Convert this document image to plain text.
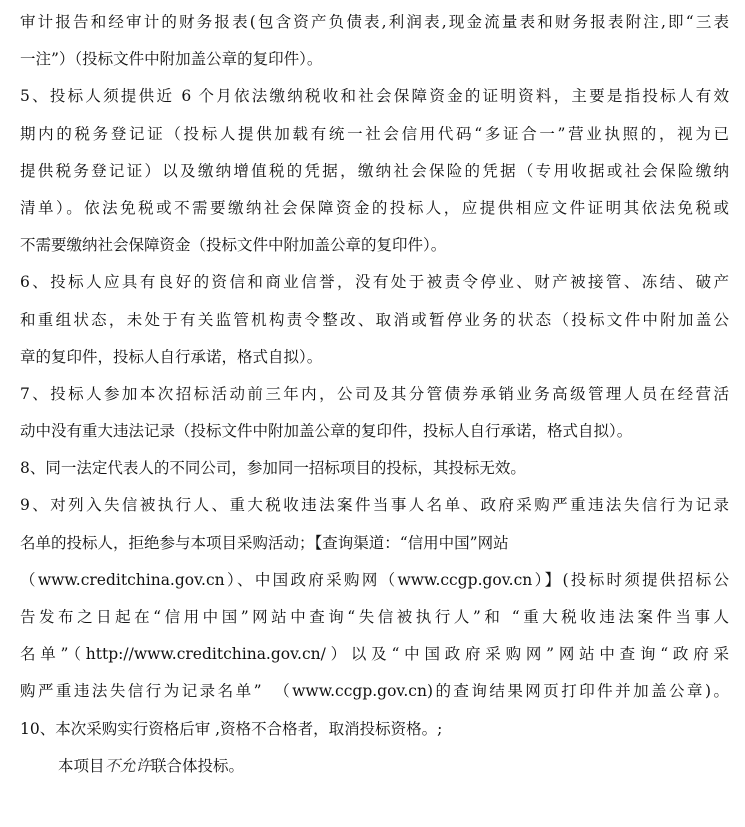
审计报告和经审计的财务报表(包含资产负债表,利润表,现金流量表和财务报表附注,即“三表
一注”）（投标文件中附加盖公章的复印件）。
5、投标人须提供近 6 个月依法缴纳税收和社会保障资金的证明资料，主要是指投标人有效
期内的税务登记证（投标人提供加载有统一社会信用代码“多证合一”营业执照的，视为已
提供税务登记证）以及缴纳增值税的凭据，缴纳社会保险的凭据（专用收据或社会保险缴纳
清单）。依法免税或不需要缴纳社会保障资金的投标人，应提供相应文件证明其依法免税或
不需要缴纳社会保障资金（投标文件中附加盖公章的复印件）。
6、投标人应具有良好的资信和商业信誉，没有处于被责令停业、财产被接管、冻结、破产
和重组状态，未处于有关监管机构责令整改、取消或暂停业务的状态（投标文件中附加盖公
章的复印件，投标人自行承诺，格式自拟）。
7、投标人参加本次招标活动前三年内，公司及其分管债券承销业务高级管理人员在经营活
动中没有重大违法记录（投标文件中附加盖公章的复印件，投标人自行承诺，格式自拟）。
8、同一法定代表人的不同公司，参加同一招标项目的投标，其投标无效。
9、对列入失信被执行人、重大税收违法案件当事人名单、政府采购严重违法失信行为记录
名单的投标人，拒绝参与本项目采购活动；【查询渠道：“信用中国”网站
（www.creditchina.gov.cn）、中国政府采购网（www.ccgp.gov.cn）】(投标时须提供招标公
告发布之日起在“信用中国”网站中查询“失信被执行人”和 “重大税收违法案件当事人
名单”（http://www.creditchina.gov.cn/）以及“中国政府采购网”网站中查询“政府采
购严重违法失信行为记录名单”　（www.ccgp.gov.cn)的查询结果网页打印件并加盖公章)。
10、本次采购实行资格后审 ,资格不合格者，取消投标资格。;
本项目不允许联合体投标。
